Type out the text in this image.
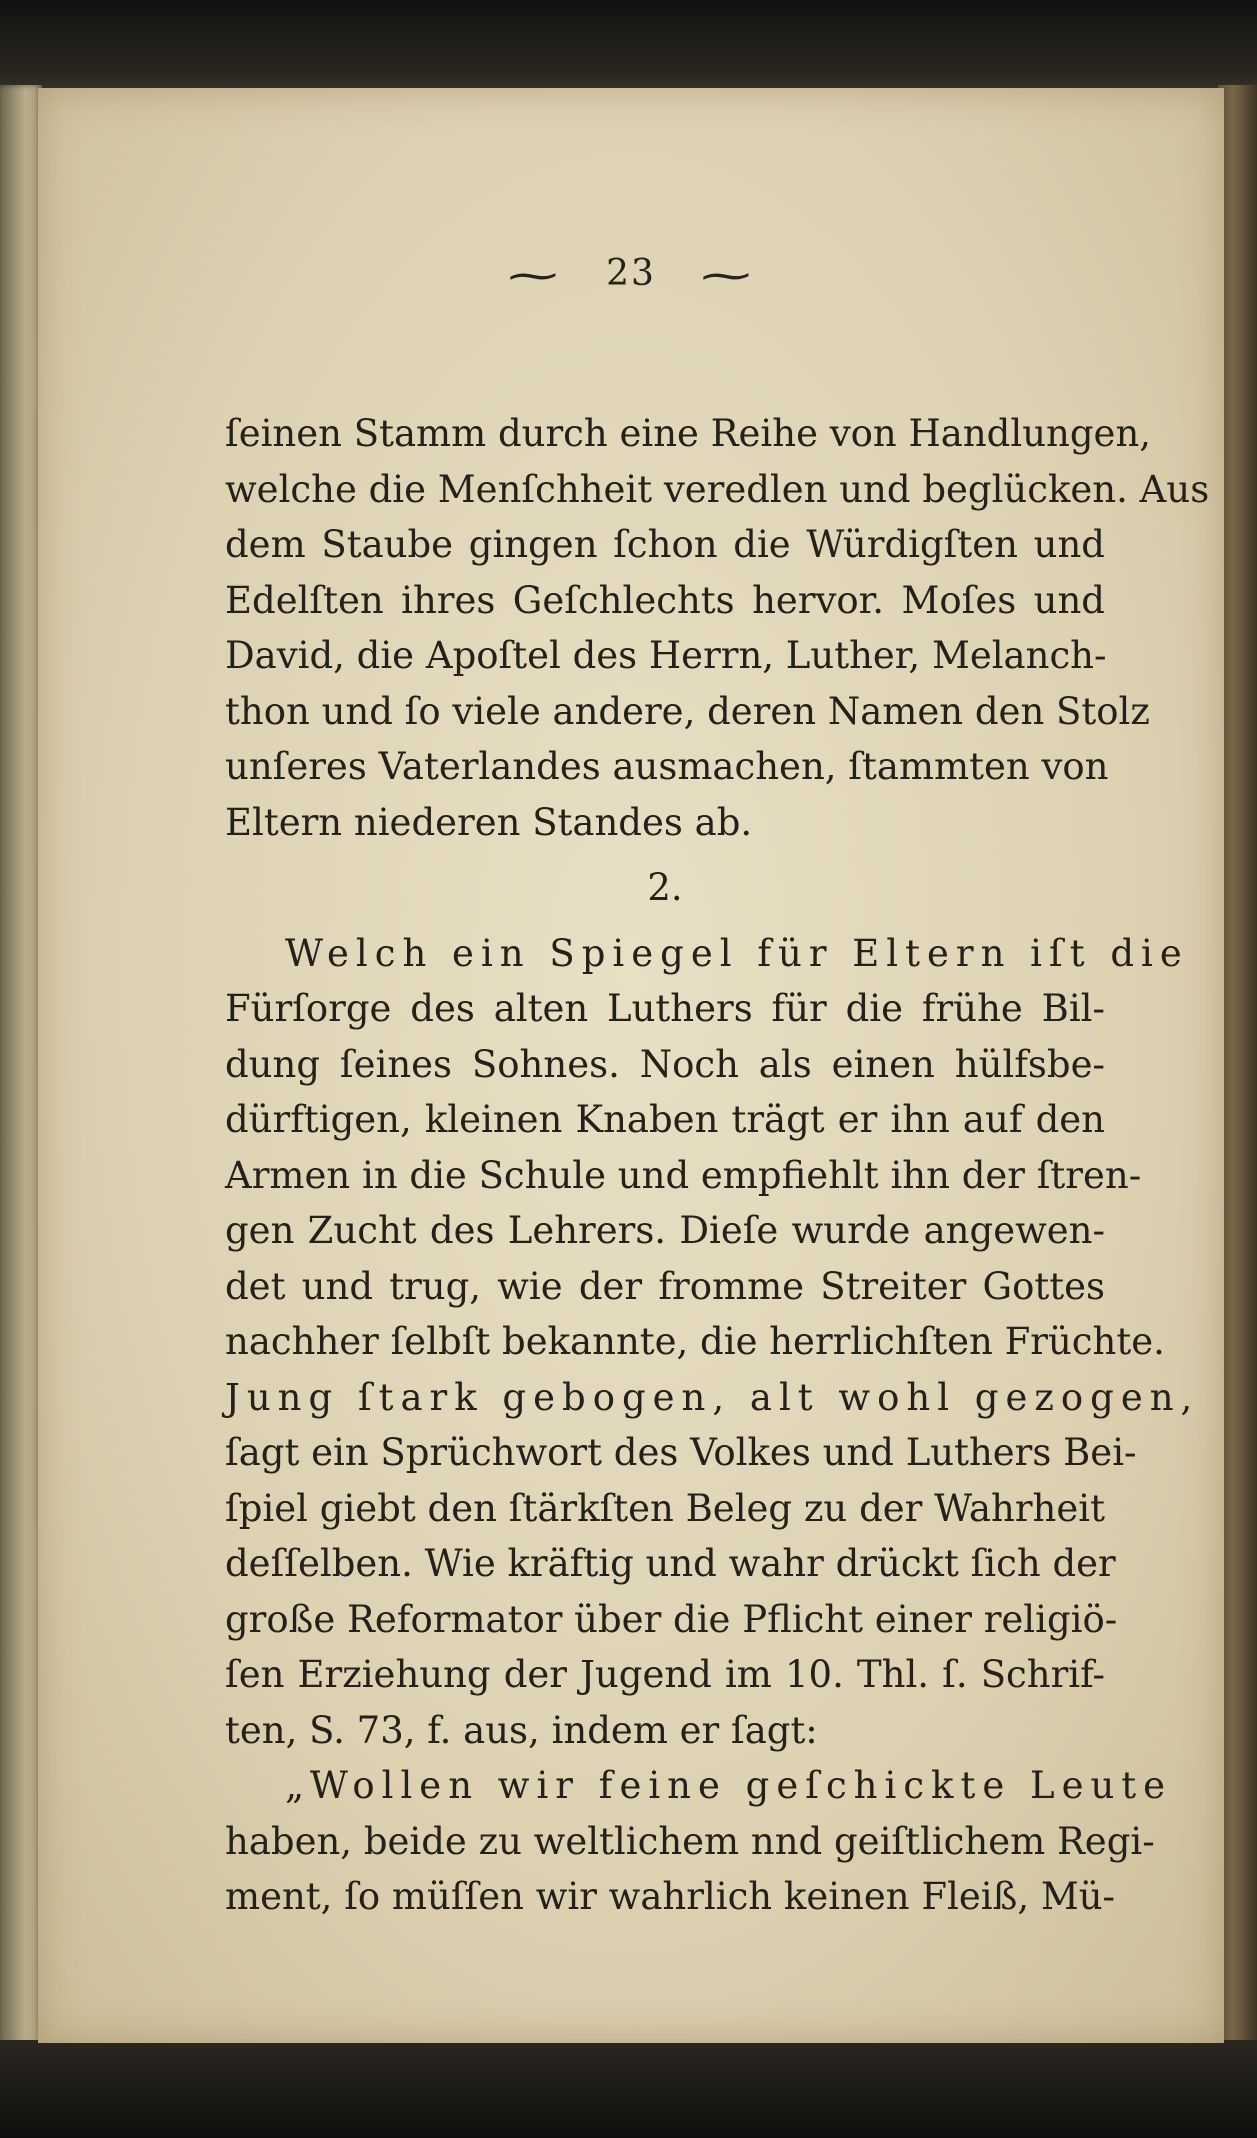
~ 23 ~
ſeinen Stamm durch eine Reihe von Handlungen,
welche die Menſchheit veredlen und beglücken. Aus
dem Staube gingen ſchon die Würdigſten und
Edelſten ihres Geſchlechts hervor. Moſes und
David, die Apoſtel des Herrn, Luther, Melanch-
thon und ſo viele andere, deren Namen den Stolz
unſeres Vaterlandes ausmachen, ſtammten von
Eltern niederen Standes ab.
2.
Welch ein Spiegel für Eltern iſt die
Fürſorge des alten Luthers für die frühe Bil-
dung ſeines Sohnes. Noch als einen hülfsbe-
dürftigen, kleinen Knaben trägt er ihn auf den
Armen in die Schule und empfiehlt ihn der ſtren-
gen Zucht des Lehrers. Dieſe wurde angewen-
det und trug, wie der fromme Streiter Gottes
nachher ſelbſt bekannte, die herrlichſten Früchte.
Jung ſtark gebogen, alt wohl gezogen,
ſagt ein Sprüchwort des Volkes und Luthers Bei-
ſpiel giebt den ſtärkſten Beleg zu der Wahrheit
deſſelben. Wie kräftig und wahr drückt ſich der
große Reformator über die Pflicht einer religiö-
ſen Erziehung der Jugend im 10. Thl. ſ. Schrif-
ten, S. 73, f. aus, indem er ſagt:
„Wollen wir feine geſchickte Leute
haben, beide zu weltlichem nnd geiſtlichem Regi-
ment, ſo müſſen wir wahrlich keinen Fleiß, Mü-
